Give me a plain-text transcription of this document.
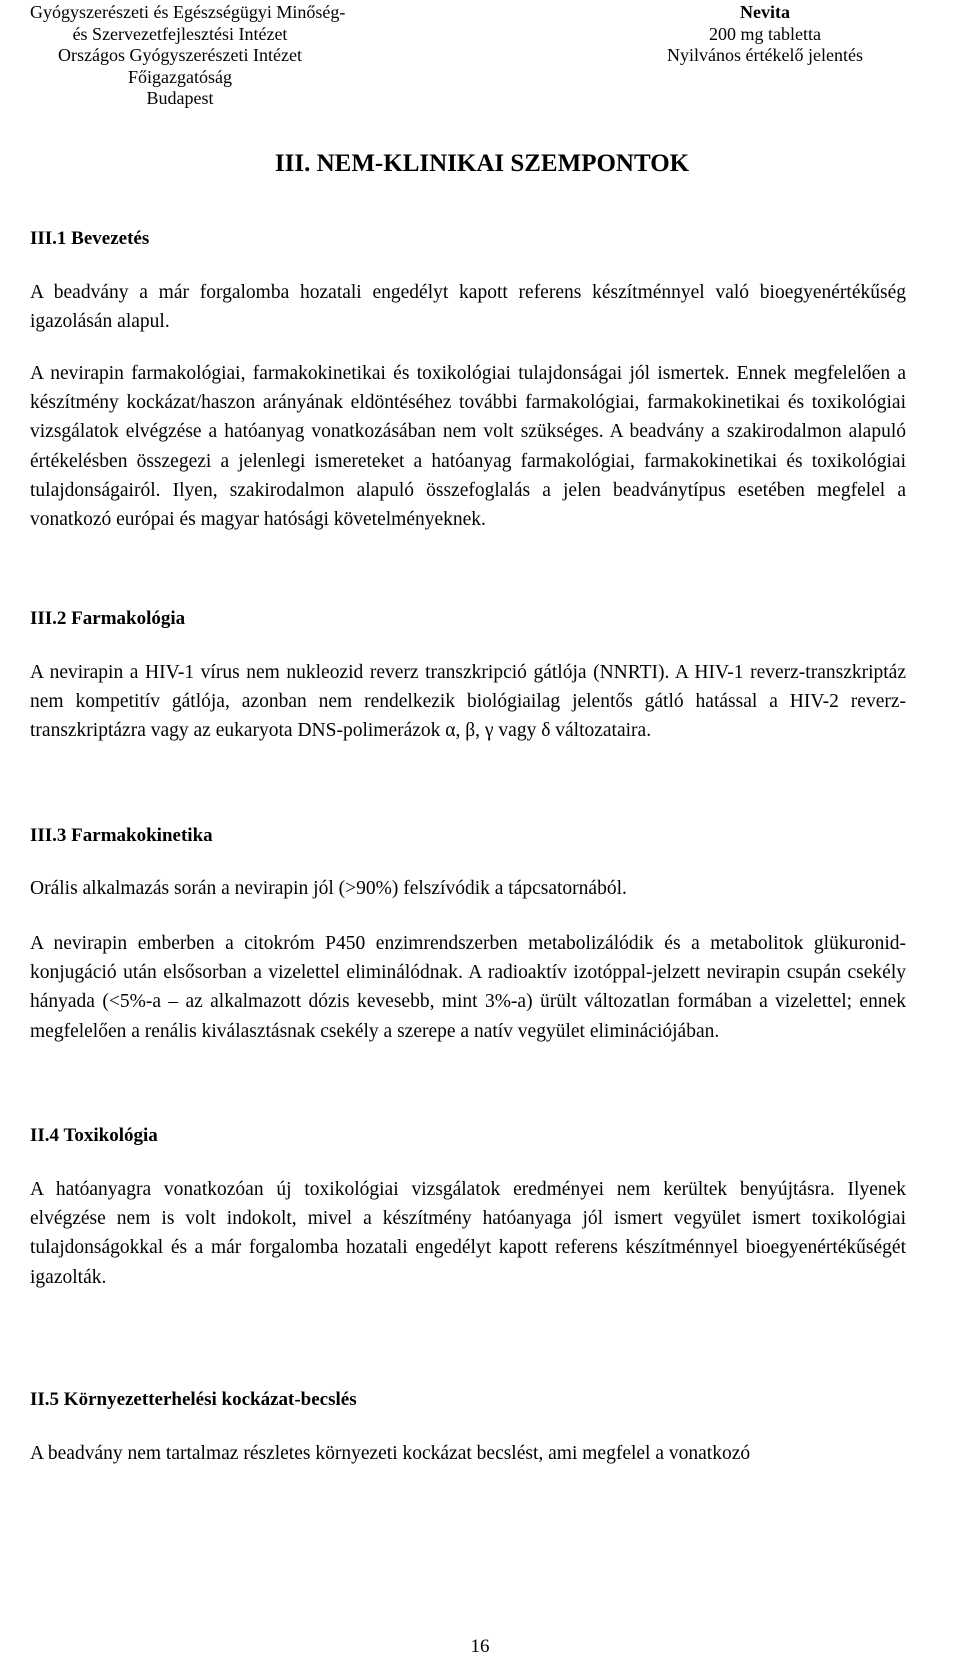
Gyógyszerészeti és Egészségügyi Minőség-
és Szervezetfejlesztési Intézet
Országos Gyógyszerészeti Intézet
Főigazgatóság
Budapest
Nevita
200 mg tabletta
Nyilvános értékelő jelentés
III. NEM-KLINIKAI SZEMPONTOK
III.1 Bevezetés

A beadvány a már forgalomba hozatali engedélyt kapott referens készítménnyel való bioegyenértékűség igazolásán alapul.

A nevirapin farmakológiai, farmakokinetikai és toxikológiai tulajdonságai jól ismertek. Ennek megfelelően a készítmény kockázat/haszon arányának eldöntéséhez további farmakológiai, farmakokinetikai és toxikológiai vizsgálatok elvégzése a hatóanyag vonatkozásában nem volt szükséges. A beadvány a szakirodalmon alapuló értékelésben összegezi a jelenlegi ismereteket a hatóanyag farmakológiai, farmakokinetikai és toxikológiai tulajdonságairól. Ilyen, szakirodalmon alapuló összefoglalás a jelen beadványtípus esetében megfelel a vonatkozó európai és magyar hatósági követelményeknek.

III.2 Farmakológia

A nevirapin a HIV-1 vírus nem nukleozid reverz transzkripció gátlója (NNRTI). A HIV-1 reverz-transzkriptáz nem kompetitív gátlója, azonban nem rendelkezik biológiailag jelentős gátló hatással a HIV-2 reverz-transzkriptázra vagy az eukaryota DNS-polimerázok α, β, γ vagy δ változataira.

III.3 Farmakokinetika

Orális alkalmazás során a nevirapin jól (>90%) felszívódik a tápcsatornából.

A nevirapin emberben a citokróm P450 enzimrendszerben metabolizálódik és a metabolitok glükuronid-konjugáció után elsősorban a vizelettel eliminálódnak. A radioaktív izotóppal-jelzett nevirapin csupán csekély hányada (<5%-a – az alkalmazott dózis kevesebb, mint 3%-a) ürült változatlan formában a vizelettel; ennek megfelelően a renális kiválasztásnak csekély a szerepe a natív vegyület eliminációjában.

II.4 Toxikológia

A hatóanyagra vonatkozóan új toxikológiai vizsgálatok eredményei nem kerültek benyújtásra. Ilyenek elvégzése nem is volt indokolt, mivel a készítmény hatóanyaga jól ismert vegyület ismert toxikológiai tulajdonságokkal és a már forgalomba hozatali engedélyt kapott referens készítménnyel bioegyenértékűségét igazolták.

II.5 Környezetterhelési kockázat-becslés

A beadvány nem tartalmaz részletes környezeti kockázat becslést, ami megfelel a vonatkozó

16
